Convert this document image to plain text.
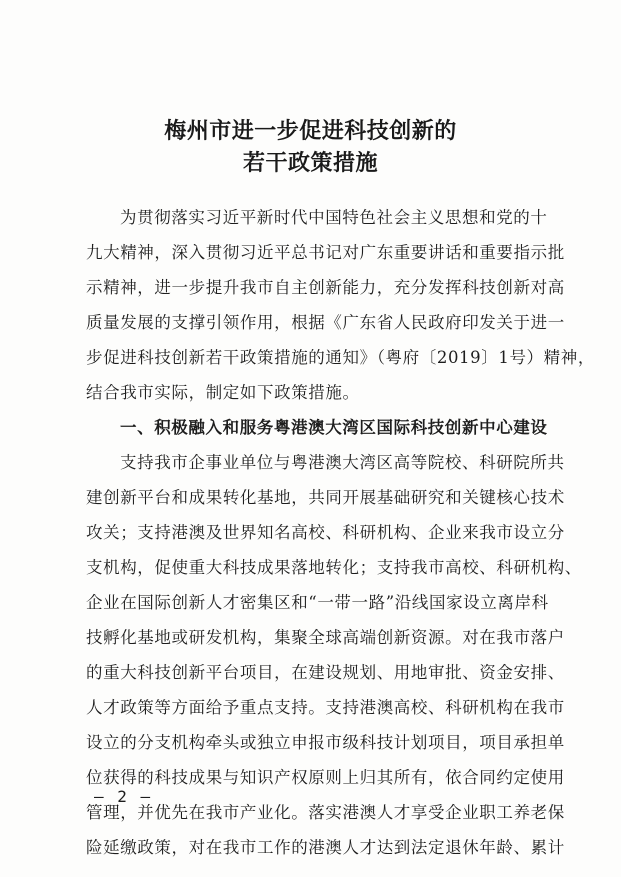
梅州市进一步促进科技创新的
若干政策措施
为贯彻落实习近平新时代中国特色社会主义思想和党的十
九大精神，深入贯彻习近平总书记对广东重要讲话和重要指示批
示精神，进一步提升我市自主创新能力，充分发挥科技创新对高
质量发展的支撑引领作用，根据《广东省人民政府印发关于进一
步促进科技创新若干政策措施的通知》（粤府〔2019〕1号）精神，
结合我市实际，制定如下政策措施。
一、积极融入和服务粤港澳大湾区国际科技创新中心建设
支持我市企事业单位与粤港澳大湾区高等院校、科研院所共
建创新平台和成果转化基地，共同开展基础研究和关键核心技术
攻关；支持港澳及世界知名高校、科研机构、企业来我市设立分
支机构，促使重大科技成果落地转化；支持我市高校、科研机构、
企业在国际创新人才密集区和“一带一路”沿线国家设立离岸科
技孵化基地或研发机构，集聚全球高端创新资源。对在我市落户
的重大科技创新平台项目，在建设规划、用地审批、资金安排、
人才政策等方面给予重点支持。支持港澳高校、科研机构在我市
设立的分支机构牵头或独立申报市级科技计划项目，项目承担单
位获得的科技成果与知识产权原则上归其所有，依合同约定使用
管理，并优先在我市产业化。落实港澳人才享受企业职工养老保
险延缴政策，对在我市工作的港澳人才达到法定退休年龄、累计
— 2 —
